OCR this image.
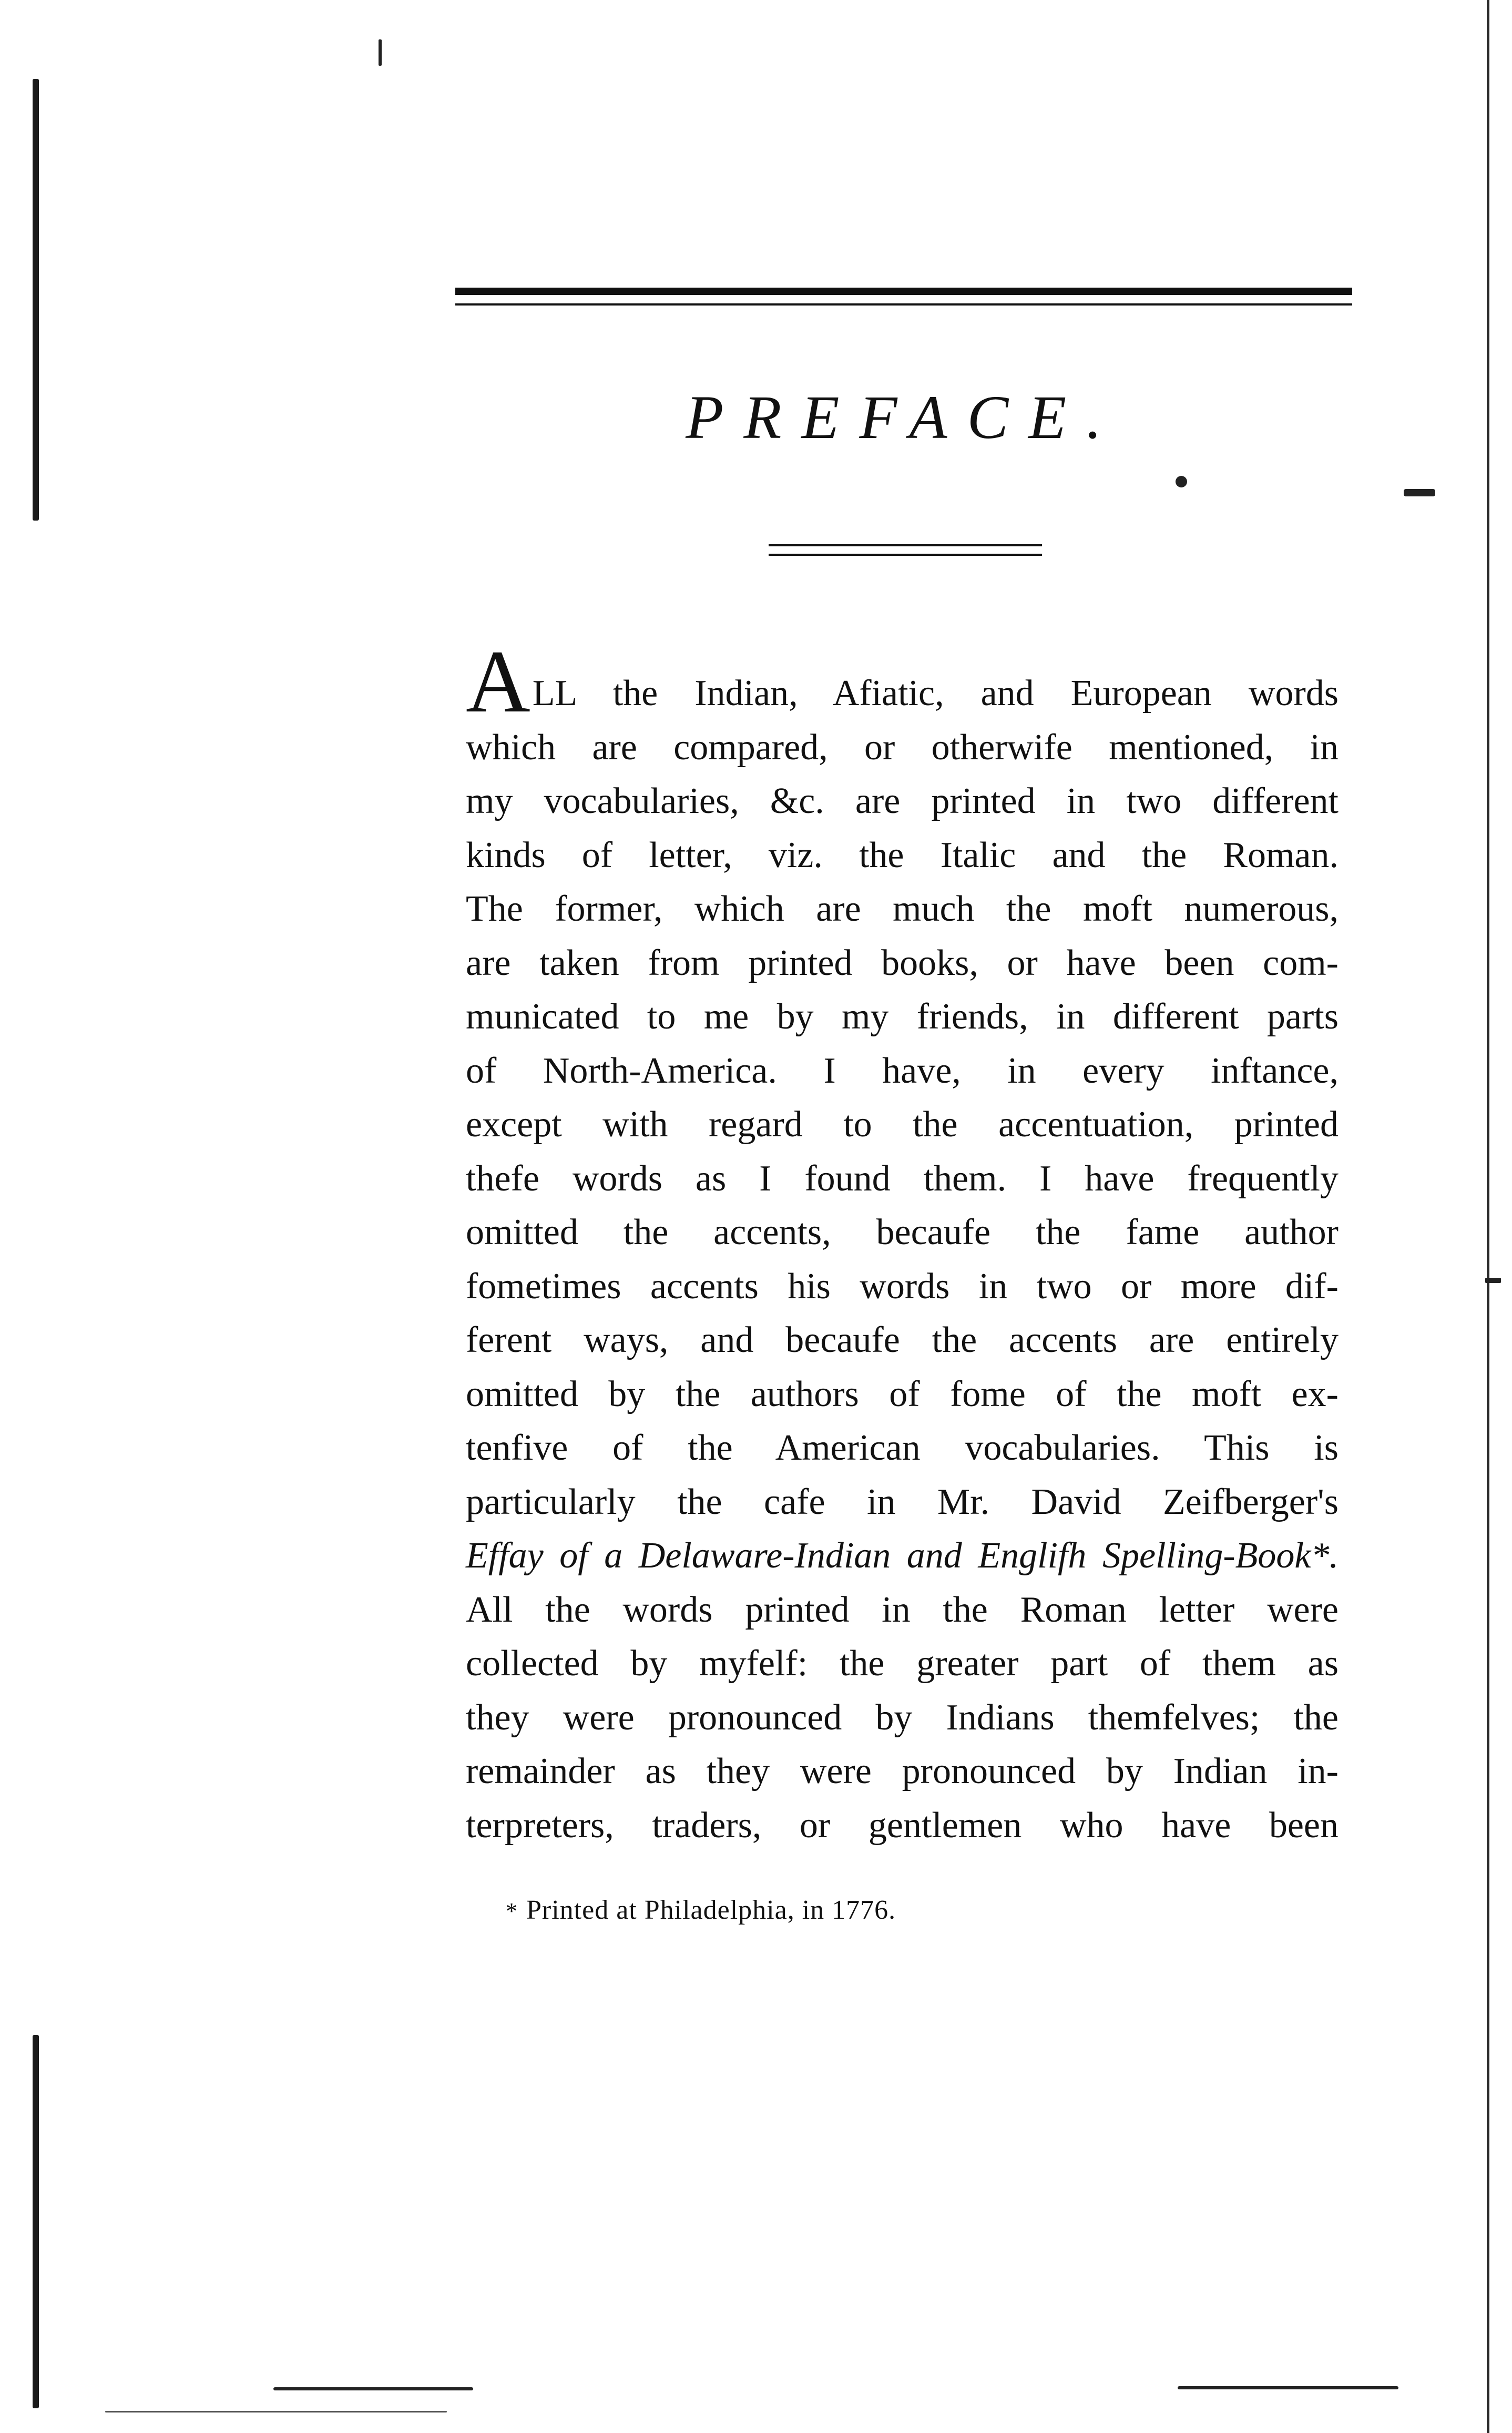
PREFACE.
ALL the Indian, Afiatic, and European words
which are compared, or otherwife mentioned, in
my vocabularies, &c. are printed in two different
kinds of letter, viz. the Italic and the Roman.
The former, which are much the moft numerous,
are taken from printed books, or have been com-
municated to me by my friends, in different parts
of North-America. I have, in every inftance,
except with regard to the accentuation, printed
thefe words as I found them. I have frequently
omitted the accents, becaufe the fame author
fometimes accents his words in two or more dif-
ferent ways, and becaufe the accents are entirely
omitted by the authors of fome of the moft ex-
tenfive of the American vocabularies. This is
particularly the cafe in Mr. David Zeifberger's
Effay of a Delaware-Indian and Englifh Spelling-Book*.
All the words printed in the Roman letter were
collected by myfelf: the greater part of them as
they were pronounced by Indians themfelves; the
remainder as they were pronounced by Indian in-
terpreters, traders, or gentlemen who have been
* Printed at Philadelphia, in 1776.
